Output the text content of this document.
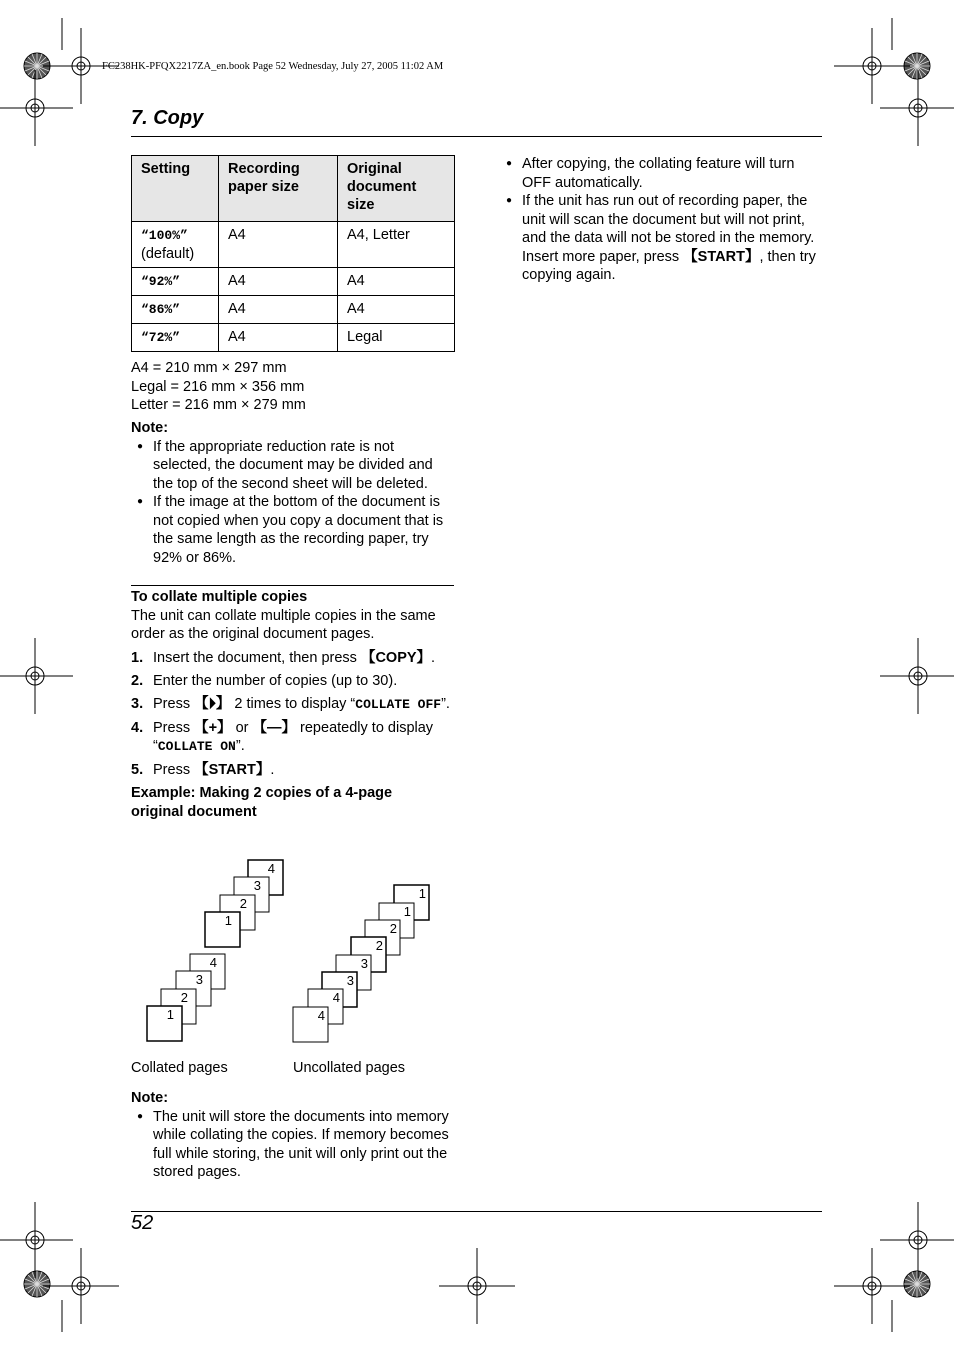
FC238HK-PFQX2217ZA_en.book Page 52 Wednesday, July 27, 2005 11:02 AM
7. Copy
Setting	Recording paper size	Original document size
“100%”
(default)	A4	A4, Letter
“92%”	A4	A4
“86%”	A4	A4
“72%”	A4	Legal
A4 = 210 mm × 297 mm
Legal = 216 mm × 356 mm
Letter = 216 mm × 279 mm
Note:
● If the appropriate reduction rate is not selected, the document may be divided and the top of the second sheet will be deleted.
● If the image at the bottom of the document is not copied when you copy a document that is the same length as the recording paper, try 92% or 86%.
To collate multiple copies
The unit can collate multiple copies in the same order as the original document pages.
1. Insert the document, then press 【COPY】.
2. Enter the number of copies (up to 30).
3. Press 【⏵】 2 times to display “COLLATE OFF”.
4. Press 【+】 or 【—】 repeatedly to display “COLLATE ON”.
5. Press 【START】.
Example: Making 2 copies of a 4-page original document
4
3
2
1
4
3
2
1
1
1
2
2
3
3
4
4
Collated pages	Uncollated pages
Note:
● The unit will store the documents into memory while collating the copies. If memory becomes full while storing, the unit will only print out the stored pages.
● After copying, the collating feature will turn OFF automatically.
● If the unit has run out of recording paper, the unit will scan the document but will not print, and the data will not be stored in the memory. Insert more paper, press 【START】, then try copying again.
52
